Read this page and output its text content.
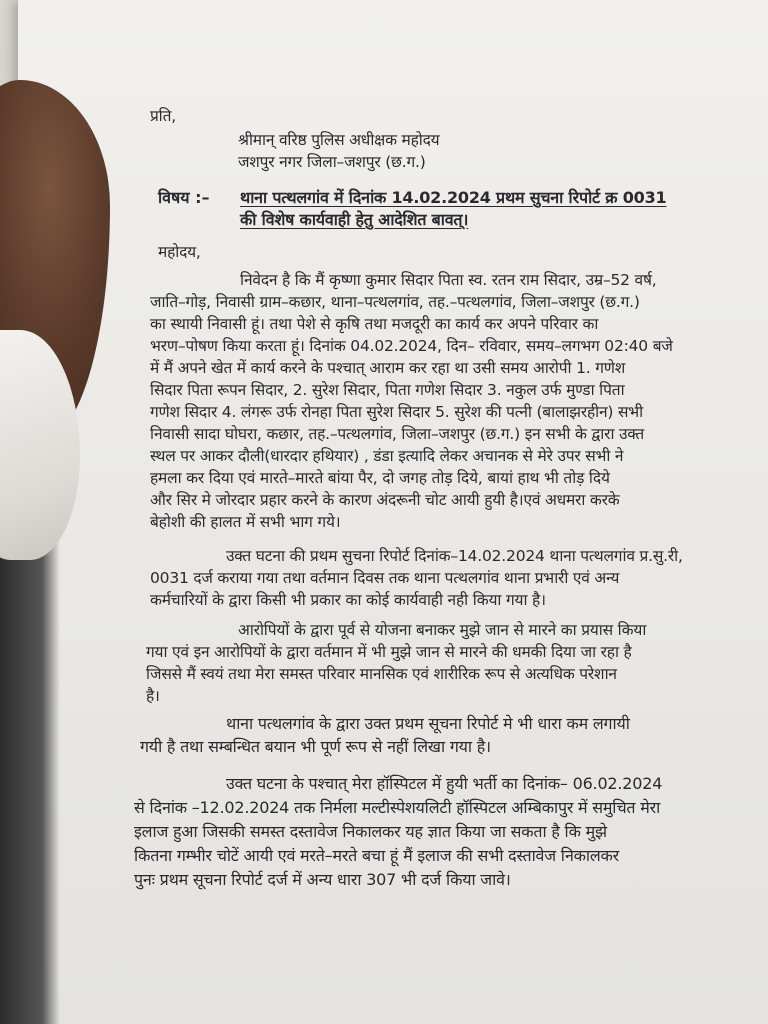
प्रति,
श्रीमान् वरिष्ठ पुलिस अधीक्षक महोदय
जशपुर नगर जिला–जशपुर (छ.ग.)
विषय :– थाना पत्थलगांव में दिनांक 14.02.2024 प्रथम सुचना रिपोर्ट क्र 0031
की विशेष कार्यवाही हेतु आदेशित बावत्।
महोदय,
निवेदन है कि मैं कृष्णा कुमार सिदार पिता स्व. रतन राम सिदार, उम्र–52 वर्ष,
जाति–गोड़, निवासी ग्राम–कछार, थाना–पत्थलगांव, तह.–पत्थलगांव, जिला–जशपुर (छ.ग.)
का स्थायी निवासी हूं। तथा पेशे से कृषि तथा मजदूरी का कार्य कर अपने परिवार का
भरण–पोषण किया करता हूं। दिनांक 04.02.2024, दिन– रविवार, समय–लगभग 02:40 बजे
में मैं अपने खेत में कार्य करने के पश्चात् आराम कर रहा था उसी समय आरोपी 1. गणेश
सिदार पिता रूपन सिदार, 2. सुरेश सिदार, पिता गणेश सिदार 3. नकुल उर्फ मुण्डा पिता
गणेश सिदार 4. लंगरू उर्फ रोनहा पिता सुरेश सिदार 5. सुरेश की पत्नी (बालाझरहीन) सभी
निवासी सादा घोघरा, कछार, तह.–पत्थलगांव, जिला–जशपुर (छ.ग.) इन सभी के द्वारा उक्त
स्थल पर आकर दौली(धारदार हथियार) , डंडा इत्यादि लेकर अचानक से मेरे उपर सभी ने
हमला कर दिया एवं मारते–मारते बांया पैर, दो जगह तोड़ दिये, बायां हाथ भी तोड़ दिये
और सिर मे जोरदार प्रहार करने के कारण अंदरूनी चोट आयी हुयी है।एवं अधमरा करके
बेहोशी की हालत में सभी भाग गये।
उक्त घटना की प्रथम सुचना रिपोर्ट दिनांक–14.02.2024 थाना पत्थलगांव प्र.सु.री,
0031 दर्ज कराया गया तथा वर्तमान दिवस तक थाना पत्थलगांव थाना प्रभारी एवं अन्य
कर्मचारियों के द्वारा किसी भी प्रकार का कोई कार्यवाही नही किया गया है।
आरोपियों के द्वारा पूर्व से योजना बनाकर मुझे जान से मारने का प्रयास किया
गया एवं इन आरोपियों के द्वारा वर्तमान में भी मुझे जान से मारने की धमकी दिया जा रहा है
जिससे मैं स्वयं तथा मेरा समस्त परिवार मानसिक एवं शारीरिक रूप से अत्यधिक परेशान
है।
थाना पत्थलगांव के द्वारा उक्त प्रथम सूचना रिपोर्ट मे भी धारा कम लगायी
गयी है तथा सम्बन्धित बयान भी पूर्ण रूप से नहीं लिखा गया है।
उक्त घटना के पश्चात् मेरा हॉस्पिटल में हुयी भर्ती का दिनांक– 06.02.2024
से दिनांक –12.02.2024 तक निर्मला मल्टीस्पेशयलिटी हॉस्पिटल अम्बिकापुर में समुचित मेरा
इलाज हुआ जिसकी समस्त दस्तावेज निकालकर यह ज्ञात किया जा सकता है कि मुझे
कितना गम्भीर चोटें आयी एवं मरते–मरते बचा हूं मैं इलाज की सभी दस्तावेज निकालकर
पुनः प्रथम सूचना रिपोर्ट दर्ज में अन्य धारा 307 भी दर्ज किया जावे।
